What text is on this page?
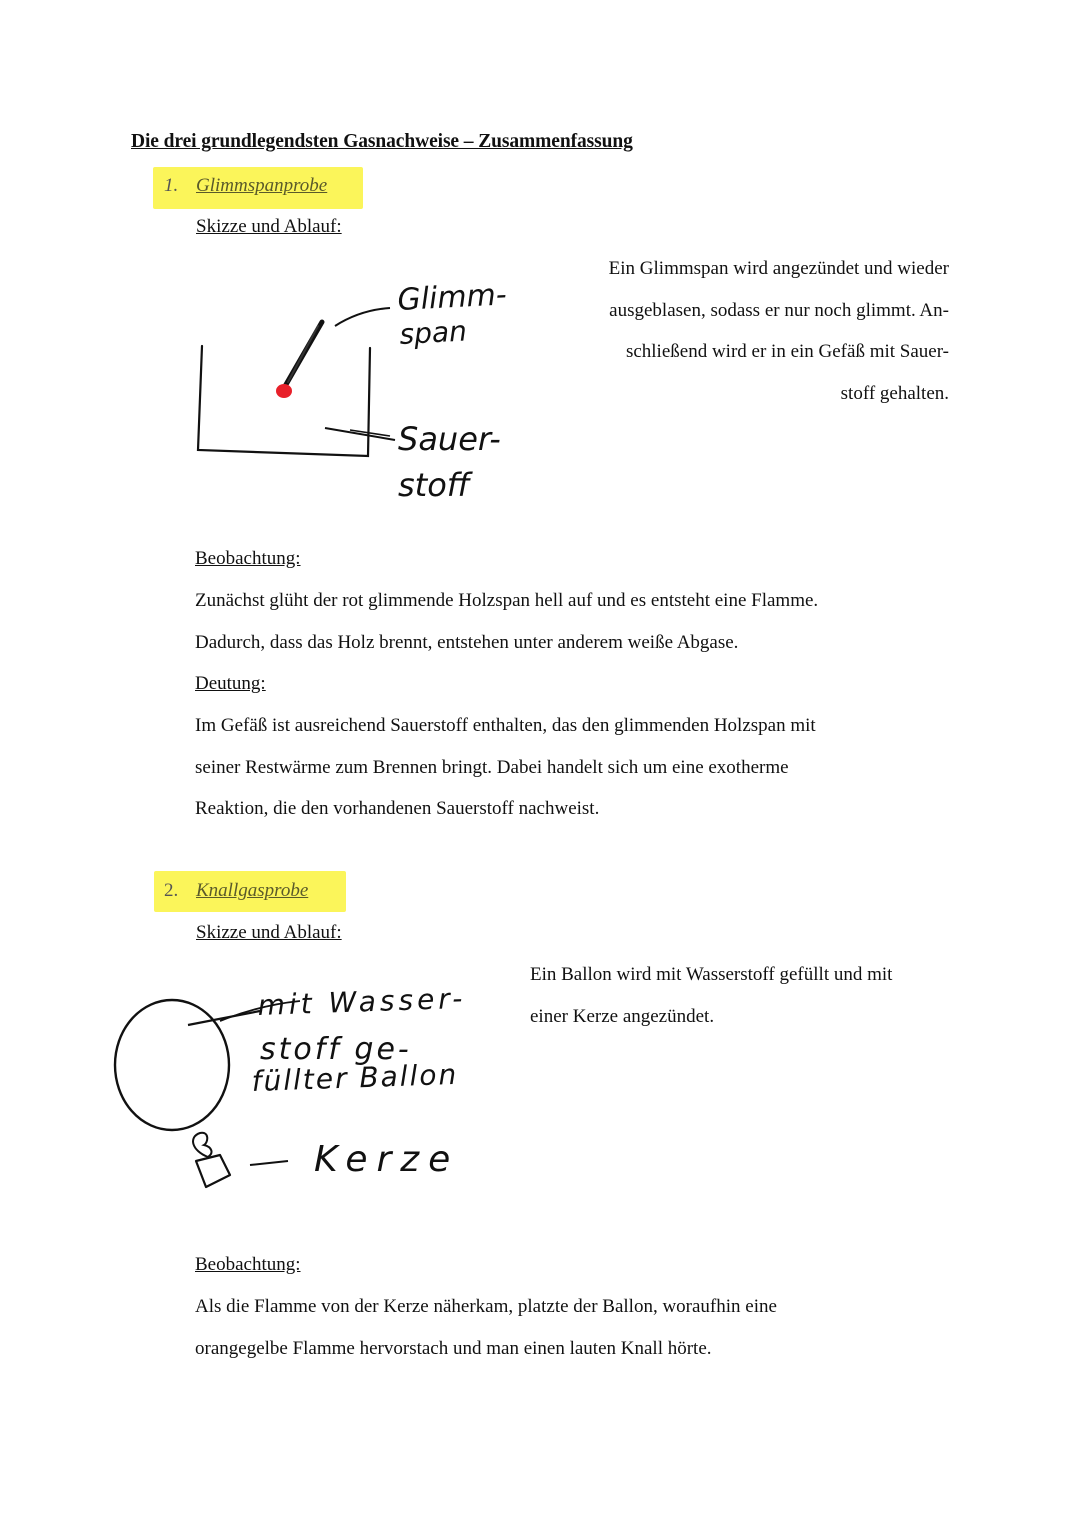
Die drei grundlegendsten Gasnachweise – Zusammenfassung
1. Glimmspanprobe
Skizze und Ablauf:
Ein Glimmspan wird angezündet und wieder
ausgeblasen, sodass er nur noch glimmt. An-
schließend wird er in ein Gefäß mit Sauer-
stoff gehalten.
Glimm-
span
Sauer-
stoff
Beobachtung:
Zunächst glüht der rot glimmende Holzspan hell auf und es entsteht eine Flamme.
Dadurch, dass das Holz brennt, entstehen unter anderem weiße Abgase.
Deutung:
Im Gefäß ist ausreichend Sauerstoff enthalten, das den glimmenden Holzspan mit
seiner Restwärme zum Brennen bringt. Dabei handelt sich um eine exotherme
Reaktion, die den vorhandenen Sauerstoff nachweist.
2. Knallgasprobe
Skizze und Ablauf:
Ein Ballon wird mit Wasserstoff gefüllt und mit
einer Kerze angezündet.
mit Wasser-
stoff ge-
füllter Ballon
Kerze
Beobachtung:
Als die Flamme von der Kerze näherkam, platzte der Ballon, woraufhin eine
orangegelbe Flamme hervorstach und man einen lauten Knall hörte.
